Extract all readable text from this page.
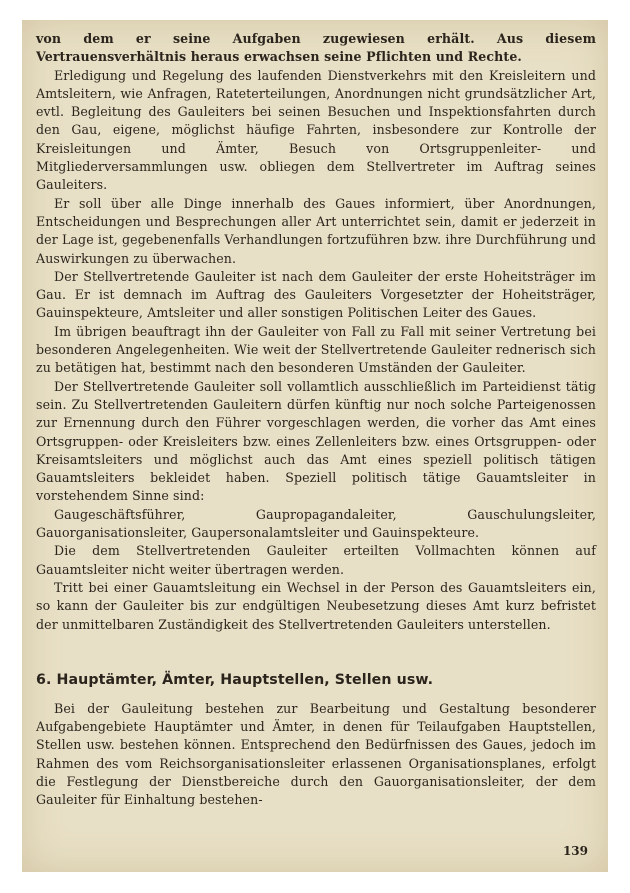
von dem er seine Aufgaben zugewiesen erhält. Aus diesem Vertrauensverhältnis heraus erwachsen seine Pflichten und Rechte.

Erledigung und Regelung des laufenden Dienstverkehrs mit den Kreisleitern und Amtsleitern, wie Anfragen, Rateterteilungen, Anordnungen nicht grundsätzlicher Art, evtl. Begleitung des Gauleiters bei seinen Besuchen und Inspektionsfahrten durch den Gau, eigene, möglichst häufige Fahrten, insbesondere zur Kontrolle der Kreisleitungen und Ämter, Besuch von Ortsgruppenleiter- und Mitgliederversammlungen usw. obliegen dem Stellvertreter im Auftrag seines Gauleiters.

Er soll über alle Dinge innerhalb des Gaues informiert, über Anordnungen, Entscheidungen und Besprechungen aller Art unterrichtet sein, damit er jederzeit in der Lage ist, gegebenenfalls Verhandlungen fortzuführen bzw. ihre Durchführung und Auswirkungen zu überwachen.

Der Stellvertretende Gauleiter ist nach dem Gauleiter der erste Hoheitsträger im Gau. Er ist demnach im Auftrag des Gauleiters Vorgesetzter der Hoheitsträger, Gauinspekteure, Amtsleiter und aller sonstigen Politischen Leiter des Gaues.

Im übrigen beauftragt ihn der Gauleiter von Fall zu Fall mit seiner Vertretung bei besonderen Angelegenheiten. Wie weit der Stellvertretende Gauleiter rednerisch sich zu betätigen hat, bestimmt nach den besonderen Umständen der Gauleiter.

Der Stellvertretende Gauleiter soll vollamtlich ausschließlich im Parteidienst tätig sein. Zu Stellvertretenden Gauleitern dürfen künftig nur noch solche Parteigenossen zur Ernennung durch den Führer vorgeschlagen werden, die vorher das Amt eines Ortsgruppen- oder Kreisleiters bzw. eines Zellenleiters bzw. eines Ortsgruppen- oder Kreisamtsleiters und möglichst auch das Amt eines speziell politisch tätigen Gauamtsleiters bekleidet haben. Speziell politisch tätige Gauamtsleiter in vorstehendem Sinne sind:

Gaugeschäftsführer, Gaupropagandaleiter, Gauschulungsleiter, Gauorganisationsleiter, Gaupersonalamtsleiter und Gauinspekteure.

Die dem Stellvertretenden Gauleiter erteilten Vollmachten können auf Gauamtsleiter nicht weiter übertragen werden.

Tritt bei einer Gauamtsleitung ein Wechsel in der Person des Gauamtsleiters ein, so kann der Gauleiter bis zur endgültigen Neubesetzung dieses Amt kurz befristet der unmittelbaren Zuständigkeit des Stellvertretenden Gauleiters unterstellen.

6. Hauptämter, Ämter, Hauptstellen, Stellen usw.

Bei der Gauleitung bestehen zur Bearbeitung und Gestaltung besonderer Aufgabengebiete Hauptämter und Ämter, in denen für Teilaufgaben Hauptstellen, Stellen usw. bestehen können. Entsprechend den Bedürfnissen des Gaues, jedoch im Rahmen des vom Reichsorganisationsleiter erlassenen Organisationsplanes, erfolgt die Festlegung der Dienstbereiche durch den Gauorganisationsleiter, der dem Gauleiter für Einhaltung bestehen-

139
